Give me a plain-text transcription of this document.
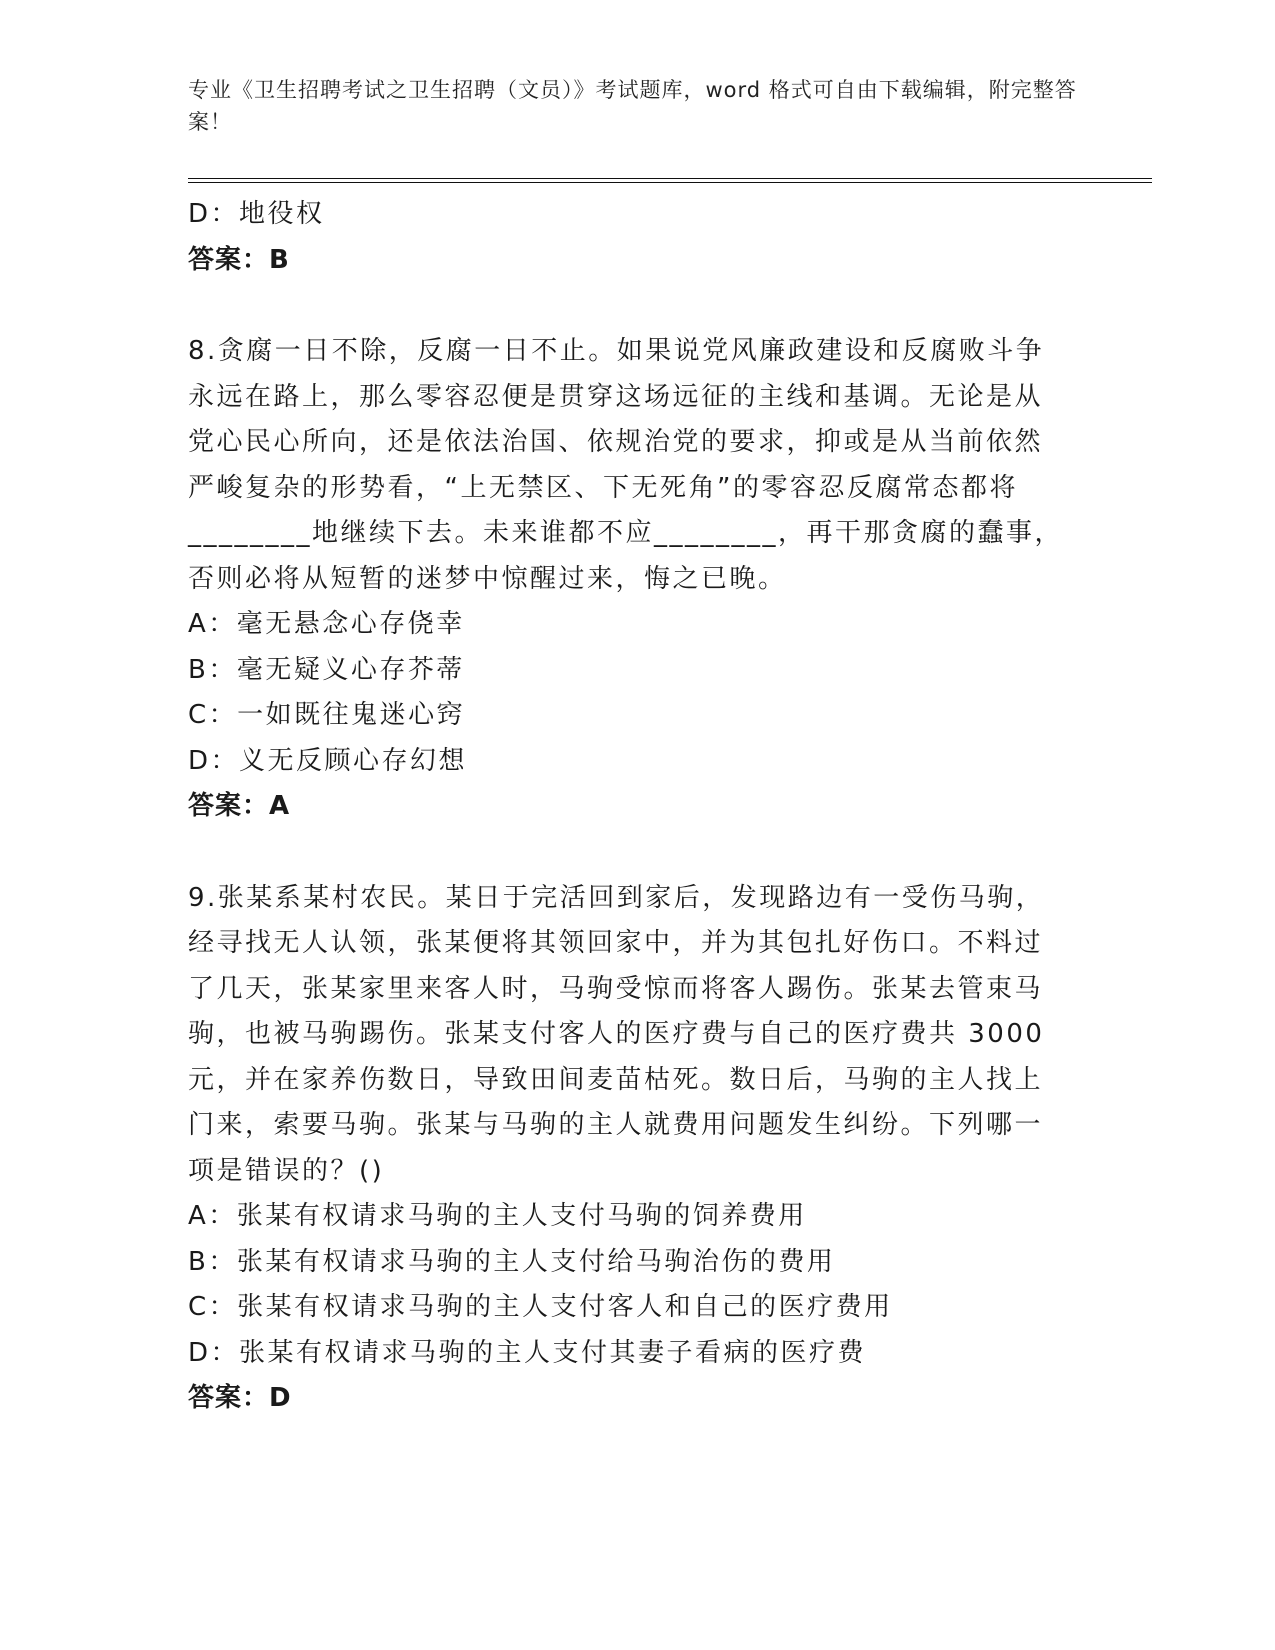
专业《卫生招聘考试之卫生招聘（文员）》考试题库，word 格式可自由下载编辑，附完整答案！
D：地役权
答案：B
8.贪腐一日不除，反腐一日不止。如果说党风廉政建设和反腐败斗争永远在路上，那么零容忍便是贯穿这场远征的主线和基调。无论是从党心民心所向，还是依法治国、依规治党的要求，抑或是从当前依然严峻复杂的形势看，“上无禁区、下无死角”的零容忍反腐常态都将________地继续下去。未来谁都不应________，再干那贪腐的蠢事，否则必将从短暂的迷梦中惊醒过来，悔之已晚。
A：毫无悬念心存侥幸
B：毫无疑义心存芥蒂
C：一如既往鬼迷心窍
D：义无反顾心存幻想
答案：A
9.张某系某村农民。某日于完活回到家后，发现路边有一受伤马驹，经寻找无人认领，张某便将其领回家中，并为其包扎好伤口。不料过了几天，张某家里来客人时，马驹受惊而将客人踢伤。张某去管束马驹，也被马驹踢伤。张某支付客人的医疗费与自己的医疗费共 3000 元，并在家养伤数日，导致田间麦苗枯死。数日后，马驹的主人找上门来，索要马驹。张某与马驹的主人就费用问题发生纠纷。下列哪一项是错误的？()
A：张某有权请求马驹的主人支付马驹的饲养费用
B：张某有权请求马驹的主人支付给马驹治伤的费用
C：张某有权请求马驹的主人支付客人和自己的医疗费用
D：张某有权请求马驹的主人支付其妻子看病的医疗费
答案：D
